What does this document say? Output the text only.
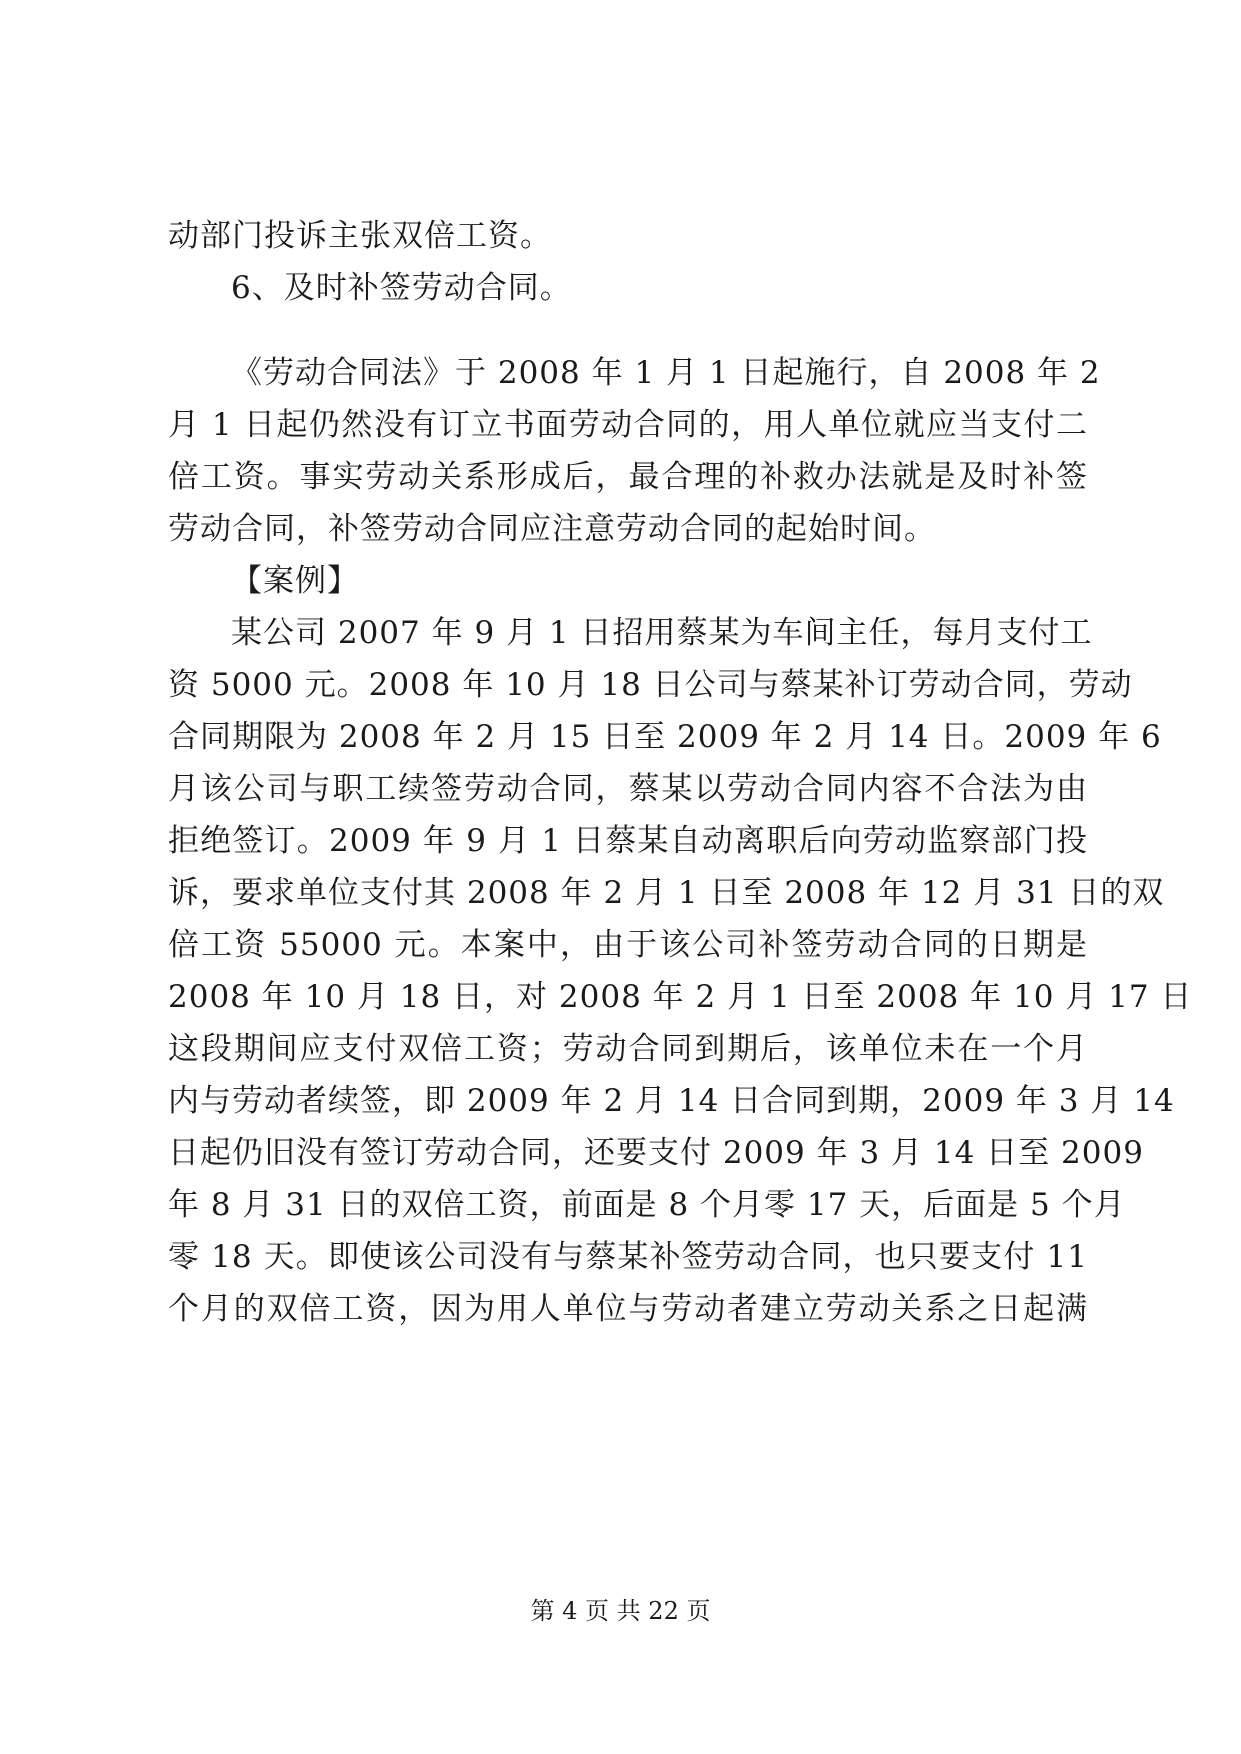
动部门投诉主张双倍工资。
6、及时补签劳动合同。
《劳动合同法》于 2008 年 1 月 1 日起施行，自 2008 年 2
月 1 日起仍然没有订立书面劳动合同的，用人单位就应当支付二
倍工资。事实劳动关系形成后，最合理的补救办法就是及时补签
劳动合同，补签劳动合同应注意劳动合同的起始时间。
【案例】
某公司 2007 年 9 月 1 日招用蔡某为车间主任，每月支付工
资 5000 元。2008 年 10 月 18 日公司与蔡某补订劳动合同，劳动
合同期限为 2008 年 2 月 15 日至 2009 年 2 月 14 日。2009 年 6
月该公司与职工续签劳动合同，蔡某以劳动合同内容不合法为由
拒绝签订。2009 年 9 月 1 日蔡某自动离职后向劳动监察部门投
诉，要求单位支付其 2008 年 2 月 1 日至 2008 年 12 月 31 日的双
倍工资 55000 元。本案中，由于该公司补签劳动合同的日期是
2008 年 10 月 18 日，对 2008 年 2 月 1 日至 2008 年 10 月 17 日
这段期间应支付双倍工资；劳动合同到期后，该单位未在一个月
内与劳动者续签，即 2009 年 2 月 14 日合同到期，2009 年 3 月 14
日起仍旧没有签订劳动合同，还要支付 2009 年 3 月 14 日至 2009
年 8 月 31 日的双倍工资，前面是 8 个月零 17 天，后面是 5 个月
零 18 天。即使该公司没有与蔡某补签劳动合同，也只要支付 11
个月的双倍工资，因为用人单位与劳动者建立劳动关系之日起满
第 4 页 共 22 页
